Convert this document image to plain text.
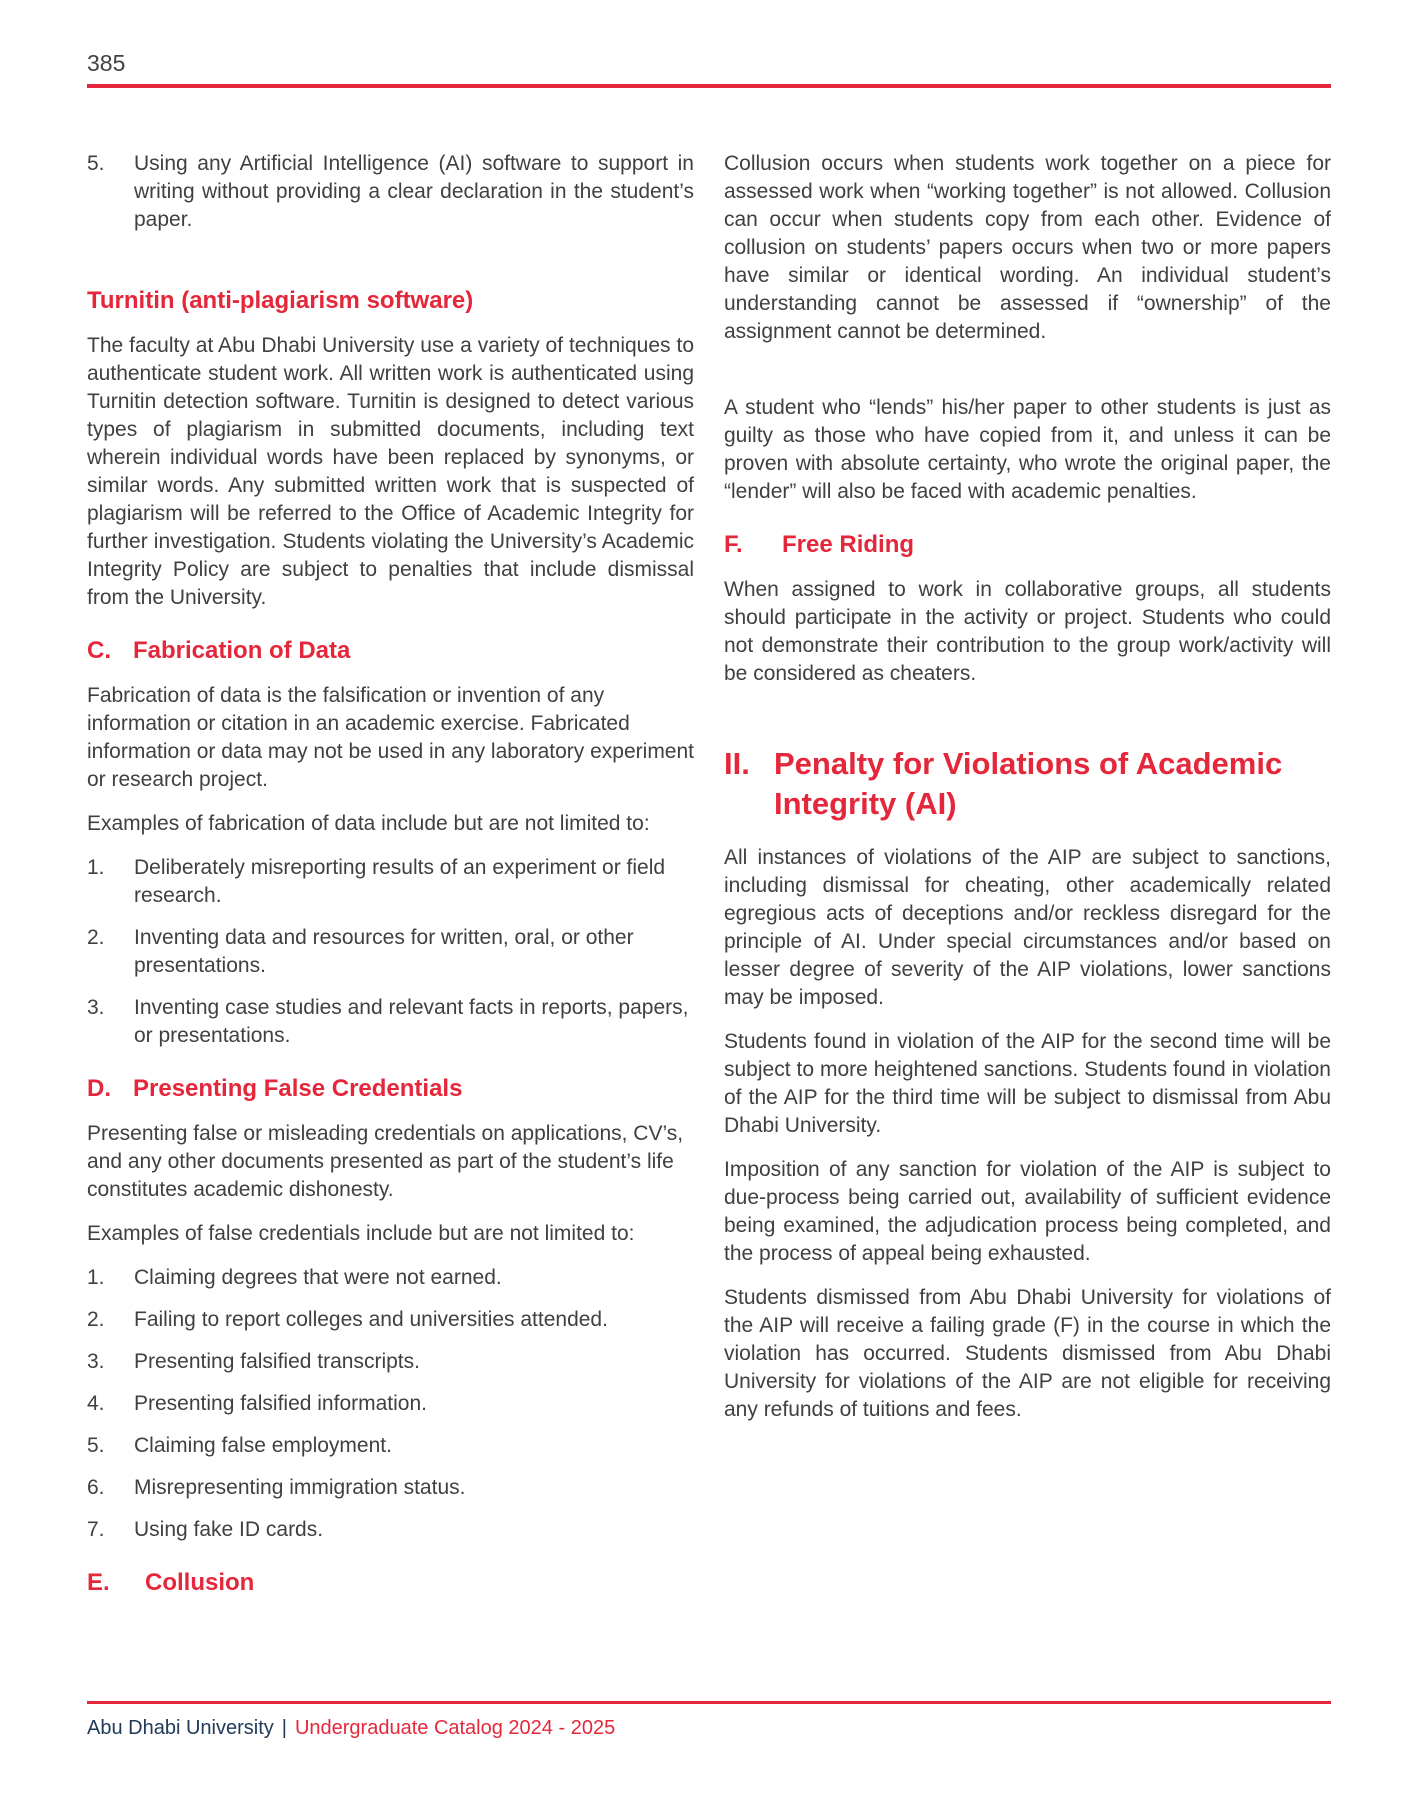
385
5.	Using any Artificial Intelligence (AI) software to support in writing without providing a clear declaration in the student’s paper.
Turnitin (anti-plagiarism software)

The faculty at Abu Dhabi University use a variety of techniques to authenticate student work. All written work is authenticated using Turnitin detection software. Turnitin is designed to detect various types of plagiarism in submitted documents, including text wherein individual words have been replaced by synonyms, or similar words. Any submitted written work that is suspected of plagiarism will be referred to the Office of Academic Integrity for further investigation. Students violating the University’s Academic Integrity Policy are subject to penalties that include dismissal from the University.

C. Fabrication of Data

Fabrication of data is the falsification or invention of any information or citation in an academic exercise. Fabricated information or data may not be used in any laboratory experiment or research project.

Examples of fabrication of data include but are not limited to:

1.	Deliberately misreporting results of an experiment or field research.
2.	Inventing data and resources for written, oral, or other presentations.
3.	Inventing case studies and relevant facts in reports, papers, or presentations.
D. Presenting False Credentials

Presenting false or misleading credentials on applications, CV’s, and any other documents presented as part of the student’s life constitutes academic dishonesty.

Examples of false credentials include but are not limited to:

1.	Claiming degrees that were not earned.
2.	Failing to report colleges and universities attended.
3.	Presenting falsified transcripts.
4.	Presenting falsified information.
5.	Claiming false employment.
6.	Misrepresenting immigration status.
7.	Using fake ID cards.
E.	Collusion

Collusion occurs when students work together on a piece for assessed work when “working together” is not allowed. Collusion can occur when students copy from each other. Evidence of collusion on students’ papers occurs when two or more papers have similar or identical wording. An individual student’s understanding cannot be assessed if “ownership” of the assignment cannot be determined.

A student who “lends” his/her paper to other students is just as guilty as those who have copied from it, and unless it can be proven with absolute certainty, who wrote the original paper, the “lender” will also be faced with academic penalties.

F.	Free Riding

When assigned to work in collaborative groups, all students should participate in the activity or project. Students who could not demonstrate their contribution to the group work/activity will be considered as cheaters.

II. Penalty for Violations of Academic Integrity (AI)

All instances of violations of the AIP are subject to sanctions, including dismissal for cheating, other academically related egregious acts of deceptions and/or reckless disregard for the principle of AI. Under special circumstances and/or based on lesser degree of severity of the AIP violations, lower sanctions may be imposed.

Students found in violation of the AIP for the second time will be subject to more heightened sanctions. Students found in violation of the AIP for the third time will be subject to dismissal from Abu Dhabi University.

Imposition of any sanction for violation of the AIP is subject to due-process being carried out, availability of sufficient evidence being examined, the adjudication process being completed, and the process of appeal being exhausted.

Students dismissed from Abu Dhabi University for violations of the AIP will receive a failing grade (F) in the course in which the violation has occurred. Students dismissed from Abu Dhabi University for violations of the AIP are not eligible for receiving any refunds of tuitions and fees.

Abu Dhabi University | Undergraduate Catalog 2024 - 2025
